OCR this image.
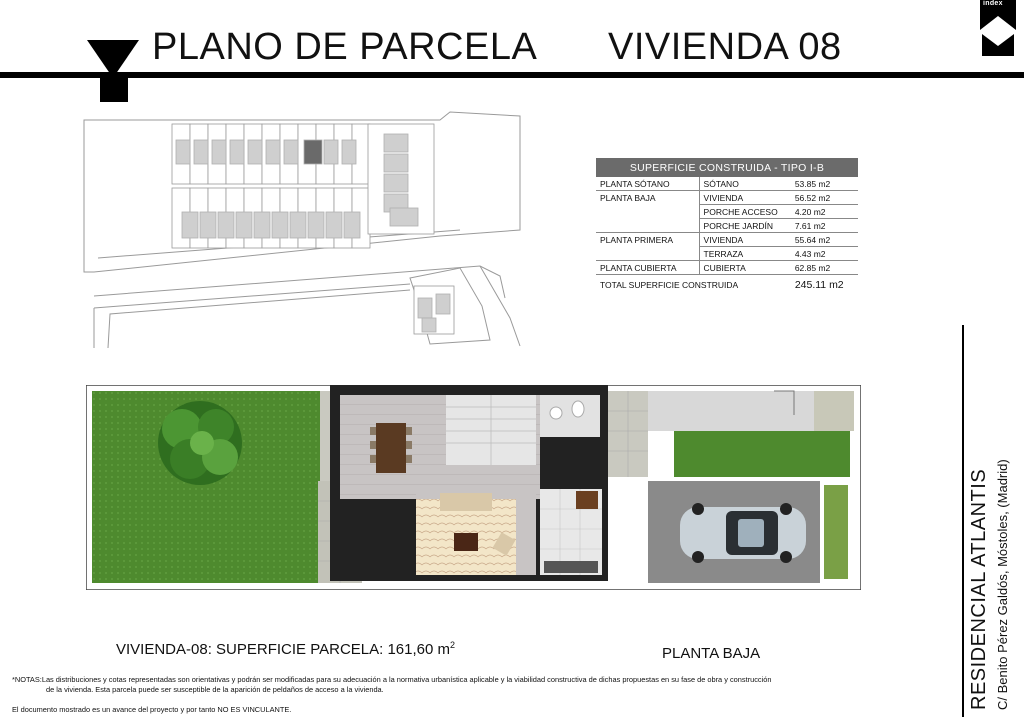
PLANO DE PARCELA VIVIENDA 08
index
SUPERFICIE CONSTRUIDA - TIPO I-B		
PLANTA SÓTANO	SÓTANO	53.85 m2
PLANTA BAJA	VIVIENDA	56.52 m2
	PORCHE ACCESO	4.20 m2
	PORCHE JARDÍN	7.61 m2
PLANTA PRIMERA	VIVIENDA	55.64 m2
	TERRAZA	4.43 m2
PLANTA CUBIERTA	CUBIERTA	62.85 m2
TOTAL SUPERFICIE CONSTRUIDA		245.11 m2
VIVIENDA-08: SUPERFICIE PARCELA: 161,60 $m^2$	PLANTA BAJA

*NOTAS:Las distribuciones y cotas representadas son orientativas y podrán ser modificadas para su adecuación a la normativa urbanística aplicable y la viabilidad constructiva de dichas propuestas en su fase de obra y construcción

de la vivienda. Esta parcela puede ser susceptible de la aparición de peldaños de acceso a la vivienda.

El documento mostrado es un avance del proyecto y por tanto NO ES VINCULANTE.	RESIDENCIAL ATLANTIS C/ Benito Pérez Galdós, Móstoles, (Madrid)
